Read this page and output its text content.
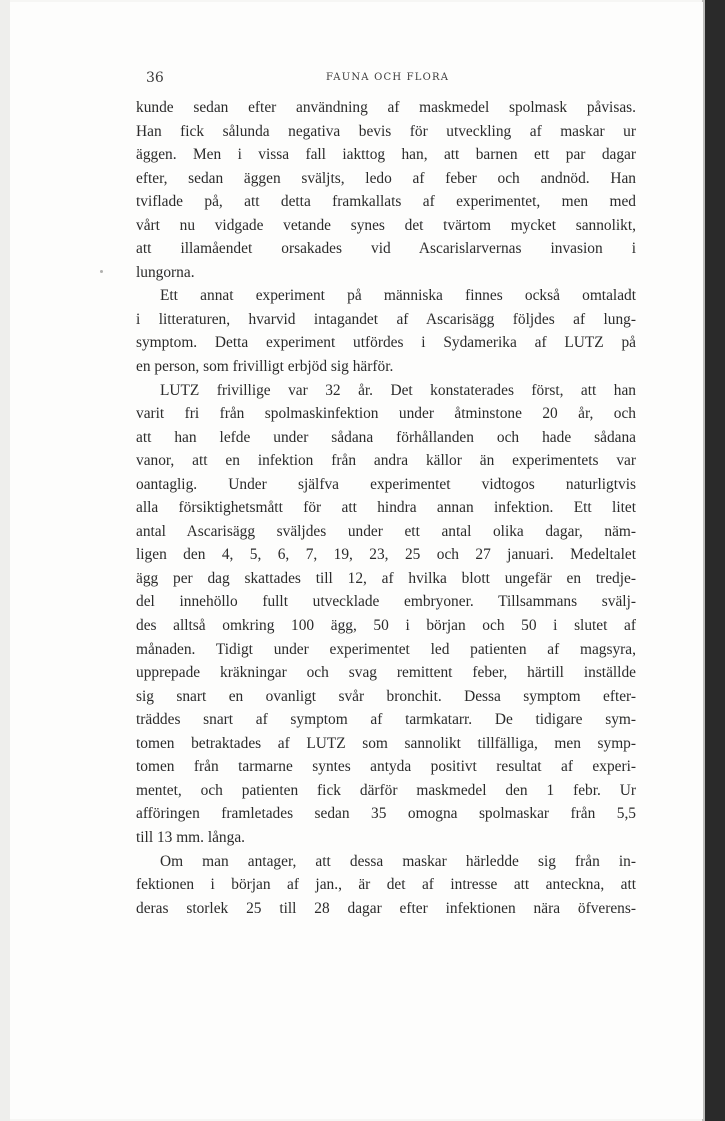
36	FAUNA OCH FLORA
kunde sedan efter användning af maskmedel spolmask påvisas.
Han fick sålunda negativa bevis för utveckling af maskar ur
äggen. Men i vissa fall iakttog han, att barnen ett par dagar
efter, sedan äggen sväljts, ledo af feber och andnöd. Han
tviflade på, att detta framkallats af experimentet, men med
vårt nu vidgade vetande synes det tvärtom mycket sannolikt,
att illamåendet orsakades vid Ascarislarvernas invasion i
lungorna.
Ett annat experiment på människa finnes också omtaladt
i litteraturen, hvarvid intagandet af Ascarisägg följdes af lung-
symptom. Detta experiment utfördes i Sydamerika af LUTZ på
en person, som frivilligt erbjöd sig härför.
LUTZ frivillige var 32 år. Det konstaterades först, att han
varit fri från spolmaskinfektion under åtminstone 20 år, och
att han lefde under sådana förhållanden och hade sådana
vanor, att en infektion från andra källor än experimentets var
oantaglig. Under själfva experimentet vidtogos naturligtvis
alla försiktighetsmått för att hindra annan infektion. Ett litet
antal Ascarisägg sväljdes under ett antal olika dagar, näm-
ligen den 4, 5, 6, 7, 19, 23, 25 och 27 januari. Medeltalet
ägg per dag skattades till 12, af hvilka blott ungefär en tredje-
del innehöllo fullt utvecklade embryoner. Tillsammans svälj-
des alltså omkring 100 ägg, 50 i början och 50 i slutet af
månaden. Tidigt under experimentet led patienten af magsyra,
upprepade kräkningar och svag remittent feber, härtill inställde
sig snart en ovanligt svår bronchit. Dessa symptom efter-
träddes snart af symptom af tarmkatarr. De tidigare sym-
tomen betraktades af LUTZ som sannolikt tillfälliga, men symp-
tomen från tarmarne syntes antyda positivt resultat af experi-
mentet, och patienten fick därför maskmedel den 1 febr. Ur
afföringen framletades sedan 35 omogna spolmaskar från 5,5
till 13 mm. långa.
Om man antager, att dessa maskar härledde sig från in-
fektionen i början af jan., är det af intresse att anteckna, att
deras storlek 25 till 28 dagar efter infektionen nära öfverens-
